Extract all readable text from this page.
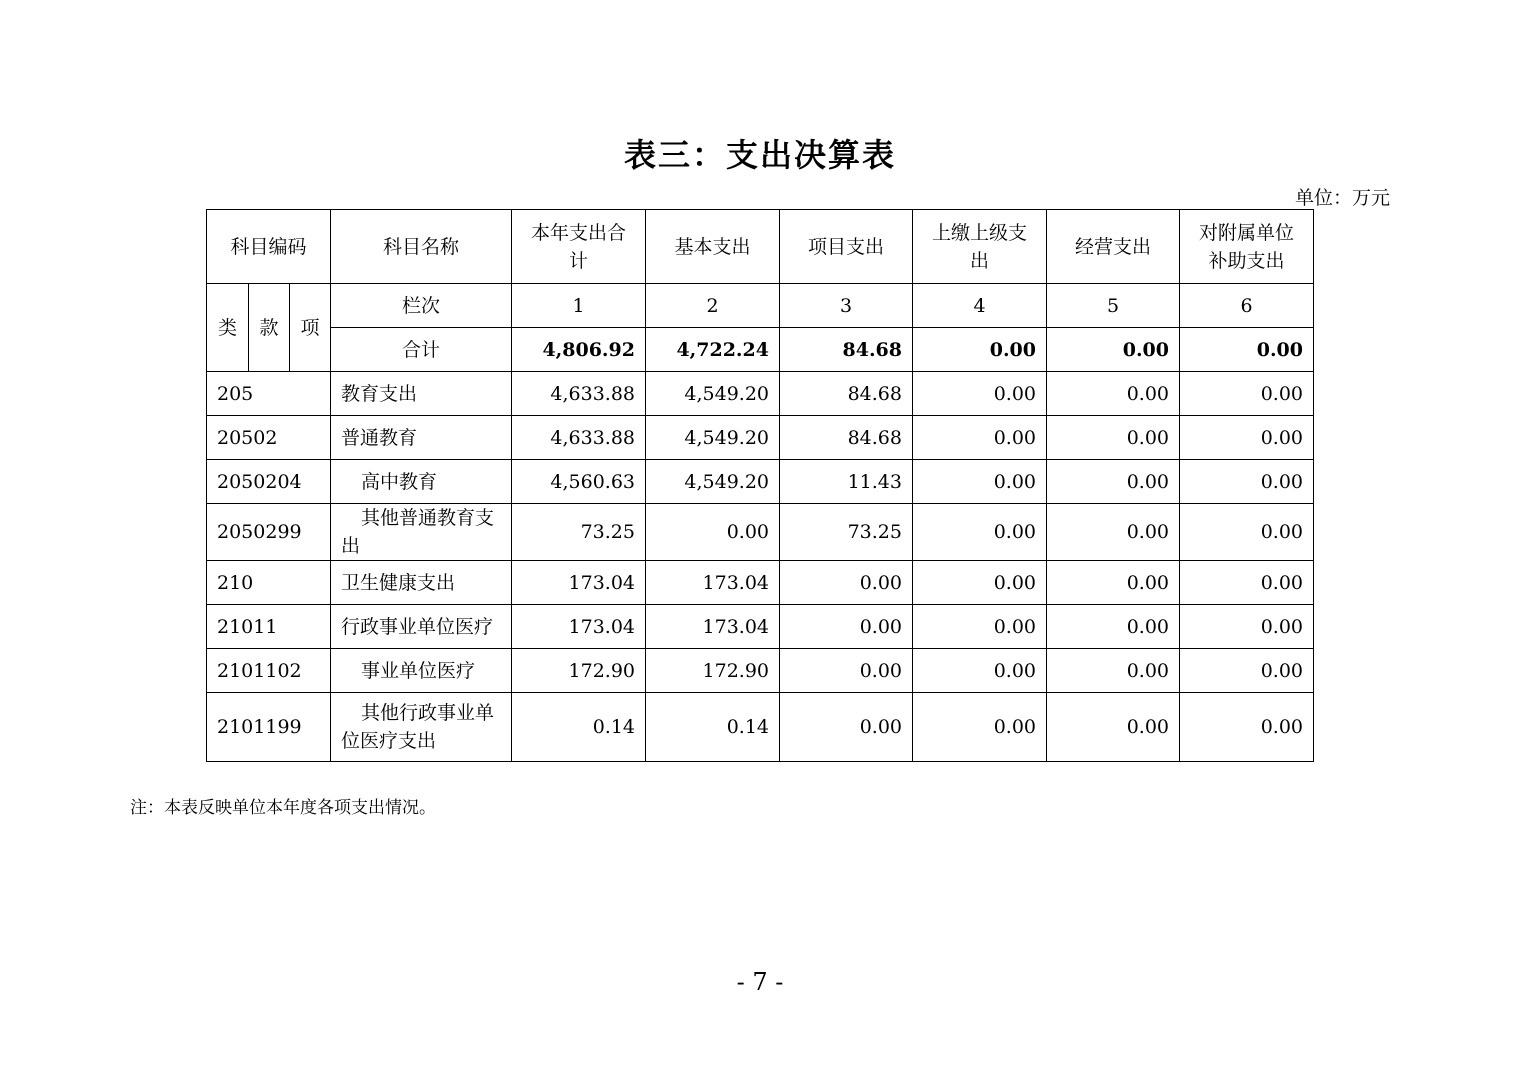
表三：支出决算表
单位：万元
科目编码			科目名称	本年支出合计	基本支出	项目支出	上缴上级支出	经营支出	对附属单位补助支出
类	款	项	栏次	1	2	3	4	5	6
			合计	4,806.92	4,722.24	84.68	0.00	0.00	0.00
205			教育支出	4,633.88	4,549.20	84.68	0.00	0.00	0.00
20502			普通教育	4,633.88	4,549.20	84.68	0.00	0.00	0.00
2050204			高中教育	4,560.63	4,549.20	11.43	0.00	0.00	0.00
2050299			其他普通教育支出	73.25	0.00	73.25	0.00	0.00	0.00
210			卫生健康支出	173.04	173.04	0.00	0.00	0.00	0.00
21011			行政事业单位医疗	173.04	173.04	0.00	0.00	0.00	0.00
2101102			事业单位医疗	172.90	172.90	0.00	0.00	0.00	0.00
2101199			其他行政事业单位医疗支出	0.14	0.14	0.00	0.00	0.00	0.00
注：本表反映单位本年度各项支出情况。
- 7 -
